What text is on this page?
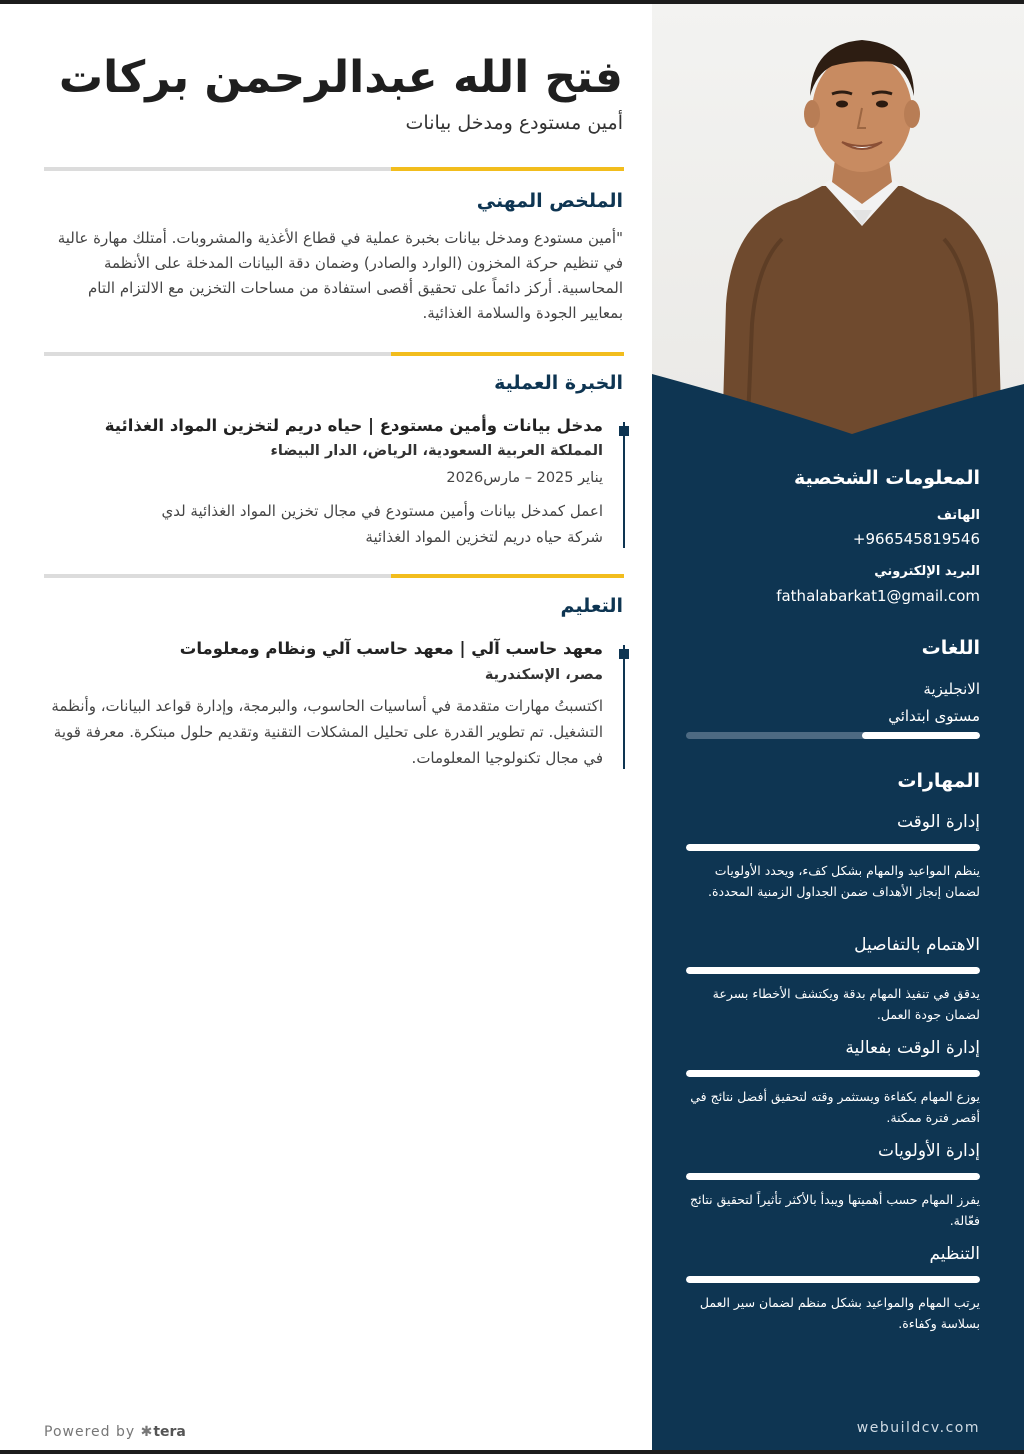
فتح الله عبدالرحمن بركات
أمين مستودع ومدخل بيانات
الملخص المهني
"أمين مستودع ومدخل بيانات بخبرة عملية في قطاع الأغذية والمشروبات. أمتلك مهارة عالية في تنظيم حركة المخزون (الوارد والصادر) وضمان دقة البيانات المدخلة على الأنظمة المحاسبية. أركز دائماً على تحقيق أقصى استفادة من مساحات التخزين مع الالتزام التام بمعايير الجودة والسلامة الغذائية.
الخبرة العملية
مدخل بيانات وأمين مستودع | حياه دريم لتخزين المواد الغذائية
المملكة العربية السعودية، الرياض، الدار البيضاء
يناير 2025 – مارس2026
اعمل كمدخل بيانات وأمين مستودع في مجال تخزين المواد الغذائية لدي شركة حياه دريم لتخزين المواد الغذائية
التعليم
معهد حاسب آلي | معهد حاسب آلي ونظام ومعلومات
مصر، الإسكندرية
اكتسبتُ مهارات متقدمة في أساسيات الحاسوب، والبرمجة، وإدارة قواعد البيانات، وأنظمة التشغيل. تم تطوير القدرة على تحليل المشكلات التقنية وتقديم حلول مبتكرة. معرفة قوية في مجال تكنولوجيا المعلومات.
Powered by ✱tera
المعلومات الشخصية
الهاتف
+966545819546
البريد الإلكتروني
fathalabarkat1@gmail.com
اللغات
الانجليزية
مستوى ابتدائي
المهارات
إدارة الوقت
ينظم المواعيد والمهام بشكل كفء، ويحدد الأولويات لضمان إنجاز الأهداف ضمن الجداول الزمنية المحددة.
الاهتمام بالتفاصيل
يدقق في تنفيذ المهام بدقة ويكتشف الأخطاء بسرعة لضمان جودة العمل.
إدارة الوقت بفعالية
يوزع المهام بكفاءة ويستثمر وقته لتحقيق أفضل نتائج في أقصر فترة ممكنة.
إدارة الأولويات
يفرز المهام حسب أهميتها ويبدأ بالأكثر تأثيراً لتحقيق نتائج فعّالة.
التنظيم
يرتب المهام والمواعيد بشكل منظم لضمان سير العمل بسلاسة وكفاءة.
webuildcv.com
